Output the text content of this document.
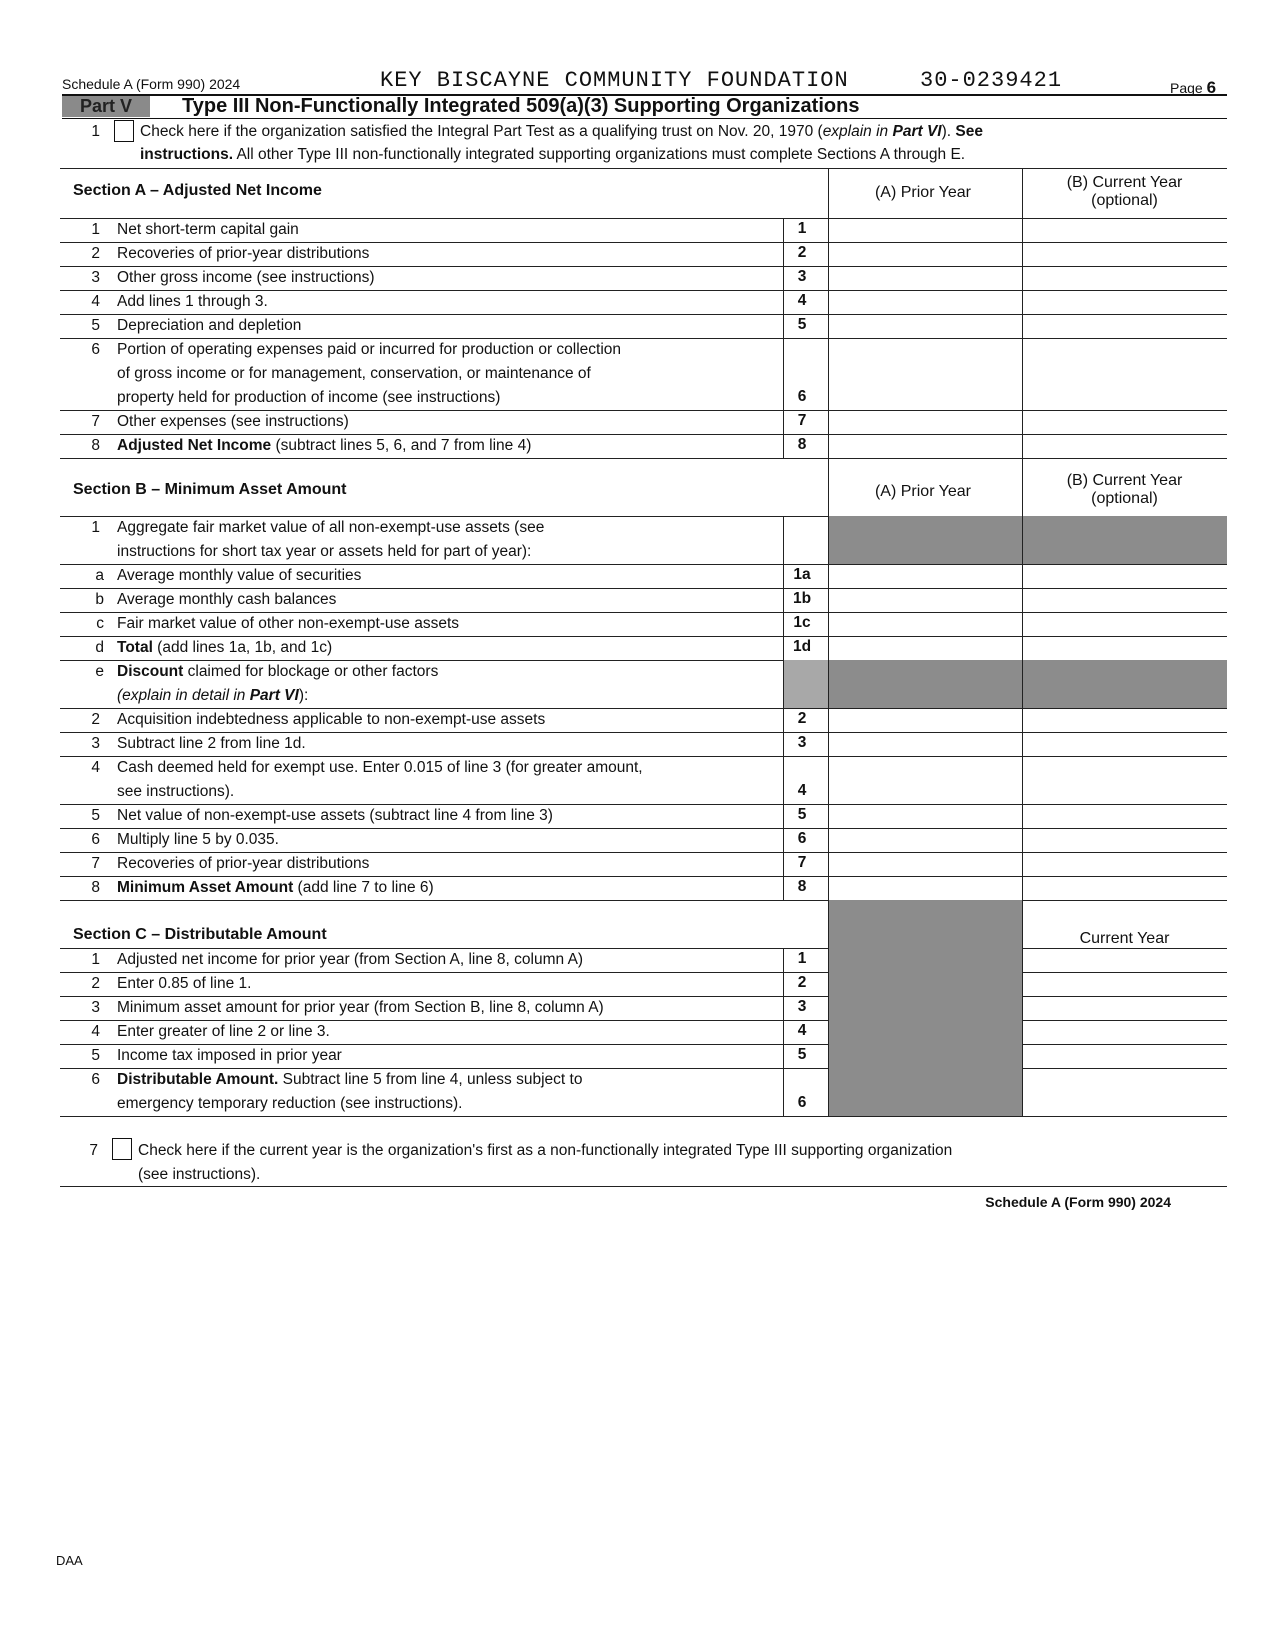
Schedule A (Form 990) 2024	KEY BISCAYNE COMMUNITY FOUNDATION	30-0239421	Page 6
Part V	Type III Non-Functionally Integrated 509(a)(3) Supporting Organizations
1	Check here if the organization satisfied the Integral Part Test as a qualifying trust on Nov. 20, 1970 (explain in Part VI). See
instructions. All other Type III non-functionally integrated supporting organizations must complete Sections A through E.
Section A – Adjusted Net Income	(A) Prior Year
(B) Current Year
(optional)
1 Net short-term capital gain	1
2 Recoveries of prior-year distributions	2
3 Other gross income (see instructions)	3
4 Add lines 1 through 3.	4
5 Depreciation and depletion	5
6 Portion of operating expenses paid or incurred for production or collection
of gross income or for management, conservation, or maintenance of
property held for production of income (see instructions)	6
7 Other expenses (see instructions)	7
8 Adjusted Net Income (subtract lines 5, 6, and 7 from line 4)	8
Section B – Minimum Asset Amount	(A) Prior Year
(B) Current Year
(optional)
1 Aggregate fair market value of all non-exempt-use assets (see
instructions for short tax year or assets held for part of year):
a Average monthly value of securities	1a
b Average monthly cash balances	1b
c Fair market value of other non-exempt-use assets	1c
d Total (add lines 1a, 1b, and 1c)	1d
e Discount claimed for blockage or other factors
(explain in detail in Part VI):
2 Acquisition indebtedness applicable to non-exempt-use assets	2
3 Subtract line 2 from line 1d.	3
4 Cash deemed held for exempt use. Enter 0.015 of line 3 (for greater amount,
see instructions).	4
5 Net value of non-exempt-use assets (subtract line 4 from line 3)	5
6 Multiply line 5 by 0.035.	6
7 Recoveries of prior-year distributions	7
8 Minimum Asset Amount (add line 7 to line 6)	8
Section C – Distributable Amount	Current Year
1 Adjusted net income for prior year (from Section A, line 8, column A)	1
2 Enter 0.85 of line 1.	2
3 Minimum asset amount for prior year (from Section B, line 8, column A)	3
4 Enter greater of line 2 or line 3.	4
5 Income tax imposed in prior year	5
6 Distributable Amount. Subtract line 5 from line 4, unless subject to
emergency temporary reduction (see instructions).	6
7	Check here if the current year is the organization's first as a non-functionally integrated Type III supporting organization
(see instructions).
Schedule A (Form 990) 2024
DAA
